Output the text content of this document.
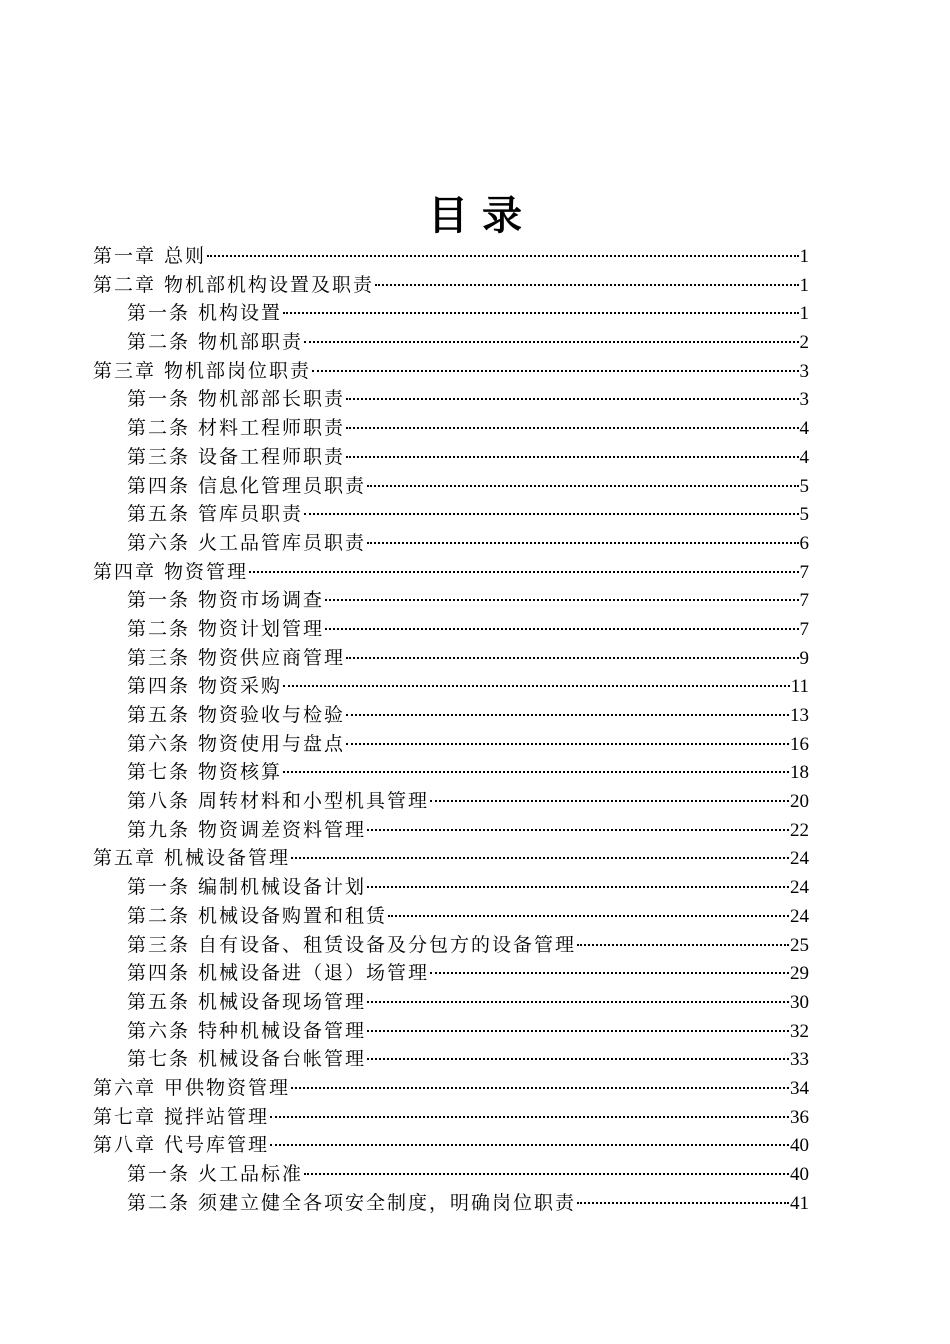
目 录
第一章 总则	1
第二章 物机部机构设置及职责	1
第一条 机构设置	1
第二条 物机部职责	2
第三章 物机部岗位职责	3
第一条 物机部部长职责	3
第二条 材料工程师职责	4
第三条 设备工程师职责	4
第四条 信息化管理员职责	5
第五条 管库员职责	5
第六条 火工品管库员职责	6
第四章 物资管理	7
第一条 物资市场调查	7
第二条 物资计划管理	7
第三条 物资供应商管理	9
第四条 物资采购	11
第五条 物资验收与检验	13
第六条 物资使用与盘点	16
第七条 物资核算	18
第八条 周转材料和小型机具管理	20
第九条 物资调差资料管理	22
第五章 机械设备管理	24
第一条 编制机械设备计划	24
第二条 机械设备购置和租赁	24
第三条 自有设备、租赁设备及分包方的设备管理	25
第四条 机械设备进（退）场管理	29
第五条 机械设备现场管理	30
第六条 特种机械设备管理	32
第七条 机械设备台帐管理	33
第六章 甲供物资管理	34
第七章 搅拌站管理	36
第八章 代号库管理	40
第一条 火工品标准	40
第二条 须建立健全各项安全制度，明确岗位职责	41
